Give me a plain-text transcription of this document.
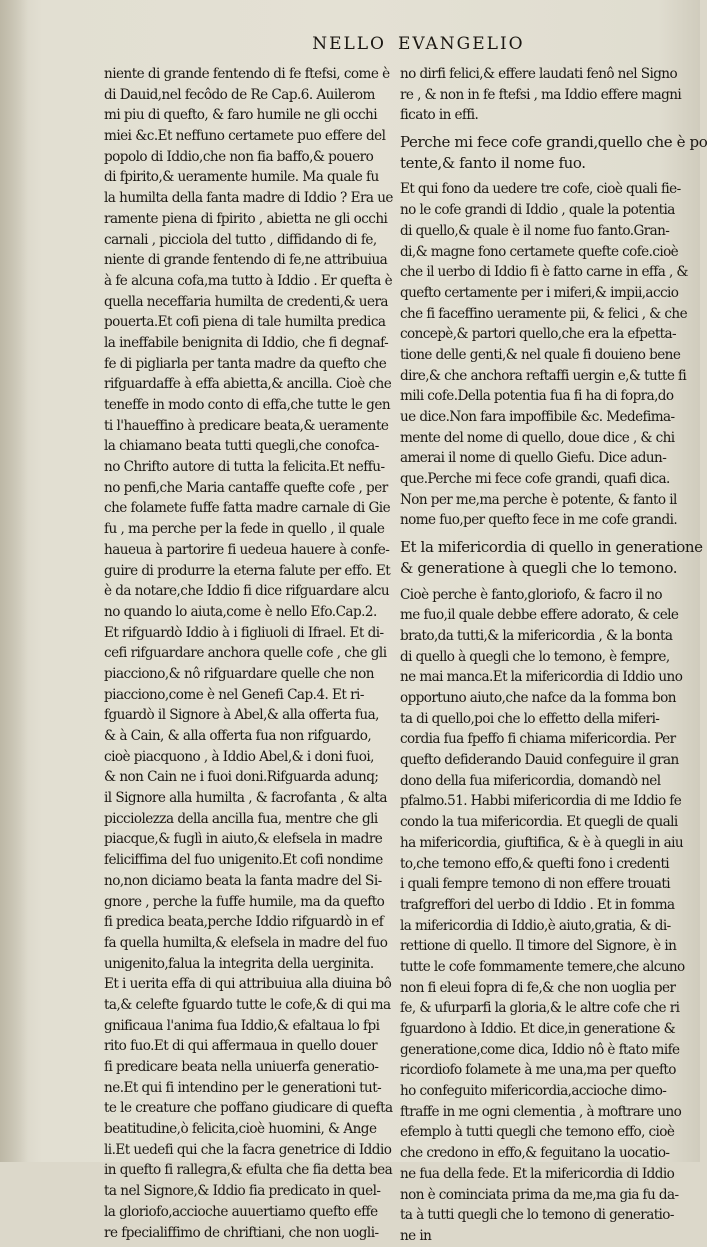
NELLO EVANGELIO
niente di grande fentendo di fe ftefsi, come è
di Dauid,nel fecôdo de Re Cap.6. Auilerom
mi piu di quefto, & faro humile ne gli occhi
miei &c.Et neffuno certamete puo effere del
popolo di Iddio,che non fia baffo,& pouero
di fpirito,& ueramente humile. Ma quale fu
la humilta della fanta madre di Iddio ? Era ue
ramente piena di fpirito , abietta ne gli occhi
carnali , picciola del tutto , diffidando di fe,
niente di grande fentendo di fe,ne attribuiua
à fe alcuna cofa,ma tutto à Iddio . Er quefta è
quella neceffaria humilta de credenti,& uera
pouerta.Et cofi piena di tale humilta predica
la ineffabile benignita di Iddio, che fi degnaf-
fe di pigliarla per tanta madre da quefto che
rifguardaffe à effa abietta,& ancilla. Cioè che
teneffe in modo conto di effa,che tutte le gen
ti l'haueffino à predicare beata,& ueramente
la chiamano beata tutti quegli,che conofca-
no Chrifto autore di tutta la felicita.Et neffu-
no penfi,che Maria cantaffe quefte cofe , per
che folamete fuffe fatta madre carnale di Gie
fu , ma perche per la fede in quello , il quale
haueua à partorire fi uedeua hauere à confe-
guire di produrre la eterna falute per effo. Et
è da notare,che Iddio fi dice rifguardare alcu
no quando lo aiuta,come è nello Efo.Cap.2.
Et rifguardò Iddio à i figliuoli di Ifrael. Et di-
cefi rifguardare anchora quelle cofe , che gli
piacciono,& nô rifguardare quelle che non
piacciono,come è nel Genefi Cap.4. Et ri-
fguardò il Signore à Abel,& alla offerta fua,
& à Cain, & alla offerta fua non rifguardo,
cioè piacquono , à Iddio Abel,& i doni fuoi,
& non Cain ne i fuoi doni.Rifguarda adunq;
il Signore alla humilta , & facrofanta , & alta
picciolezza della ancilla fua, mentre che gli
piacque,& fuglì in aiuto,& elefsela in madre
feliciffima del fuo unigenito.Et cofi nondime
no,non diciamo beata la fanta madre del Si-
gnore , perche la fuffe humile, ma da quefto
fi predica beata,perche Iddio rifguardò in ef
fa quella humilta,& elefsela in madre del fuo
unigenito,falua la integrita della uerginita.
Et i uerita effa di qui attribuiua alla diuina bô
ta,& celefte fguardo tutte le cofe,& di qui ma
gnificaua l'anima fua Iddio,& efaltaua lo fpi
rito fuo.Et di qui affermaua in quello douer
fi predicare beata nella uniuerfa generatio-
ne.Et qui fi intendino per le generationi tut-
te le creature che poffano giudicare di quefta
beatitudine,ò felicita,cioè huomini, & Ange
li.Et uedefi qui che la facra genetrice di Iddio
in quefto fi rallegra,& efulta che fia detta bea
ta nel Signore,& Iddio fia predicato in quel-
la gloriofo,accioche auuertiamo quefto effe
re fpecialiffimo de chriftiani, che non uogli-
no dirfi felici,& effere laudati fenô nel Signo
re , & non in fe ftefsi , ma Iddio effere magni
ficato in effi.
Perche mi fece cofe grandi,quello che è po
tente,& fanto il nome fuo.
Et qui fono da uedere tre cofe, cioè quali fie-
no le cofe grandi di Iddio , quale la potentia
di quello,& quale è il nome fuo fanto.Gran-
di,& magne fono certamete quefte cofe.cioè
che il uerbo di Iddio fi è fatto carne in effa , &
quefto certamente per i miferi,& impii,accio
che fi faceffino ueramente pii, & felici , & che
concepè,& partori quello,che era la efpetta-
tione delle genti,& nel quale fi douieno bene
dire,& che anchora reftaffi uergin e,& tutte fi
mili cofe.Della potentia fua fi ha di fopra,do
ue dice.Non fara impoffibile &c. Medefima-
mente del nome di quello, doue dice , & chi
amerai il nome di quello Giefu. Dice adun-
que.Perche mi fece cofe grandi, quafi dica.
Non per me,ma perche è potente, & fanto il
nome fuo,per quefto fece in me cofe grandi.
Et la mifericordia di quello in generatione
& generatione à quegli che lo temono.
Cioè perche è fanto,gloriofo, & facro il no
me fuo,il quale debbe effere adorato, & cele
brato,da tutti,& la mifericordia , & la bonta
di quello à quegli che lo temono, è fempre,
ne mai manca.Et la mifericordia di Iddio uno
opportuno aiuto,che nafce da la fomma bon
ta di quello,poi che lo effetto della miferi-
cordia fua fpeffo fi chiama mifericordia. Per
quefto defiderando Dauid confeguire il gran
dono della fua mifericordia, domandò nel
pfalmo.51. Habbi mifericordia di me Iddio fe
condo la tua mifericordia. Et quegli de quali
ha mifericordia, giuftifica, & è à quegli in aiu
to,che temono effo,& quefti fono i credenti
i quali fempre temono di non effere trouati
trafgreffori del uerbo di Iddio . Et in fomma
la mifericordia di Iddio,è aiuto,gratia, & di-
rettione di quello. Il timore del Signore, è in
tutte le cofe fommamente temere,che alcuno
non fi eleui fopra di fe,& che non uoglia per
fe, & ufurparfi la gloria,& le altre cofe che ri
fguardono à Iddio. Et dice,in generatione &
generatione,come dica, Iddio nô è ftato mife
ricordiofo folamete à me una,ma per quefto
ho confeguito mifericordia,accioche dimo-
ftraffe in me ogni clementia , à moftrare uno
efemplo à tutti quegli che temono effo, cioè
che credono in effo,& feguitano la uocatio-
ne fua della fede. Et la mifericordia di Iddio
non è cominciata prima da me,ma gia fu da-
ta à tutti quegli che lo temono di generatio-
ne in
